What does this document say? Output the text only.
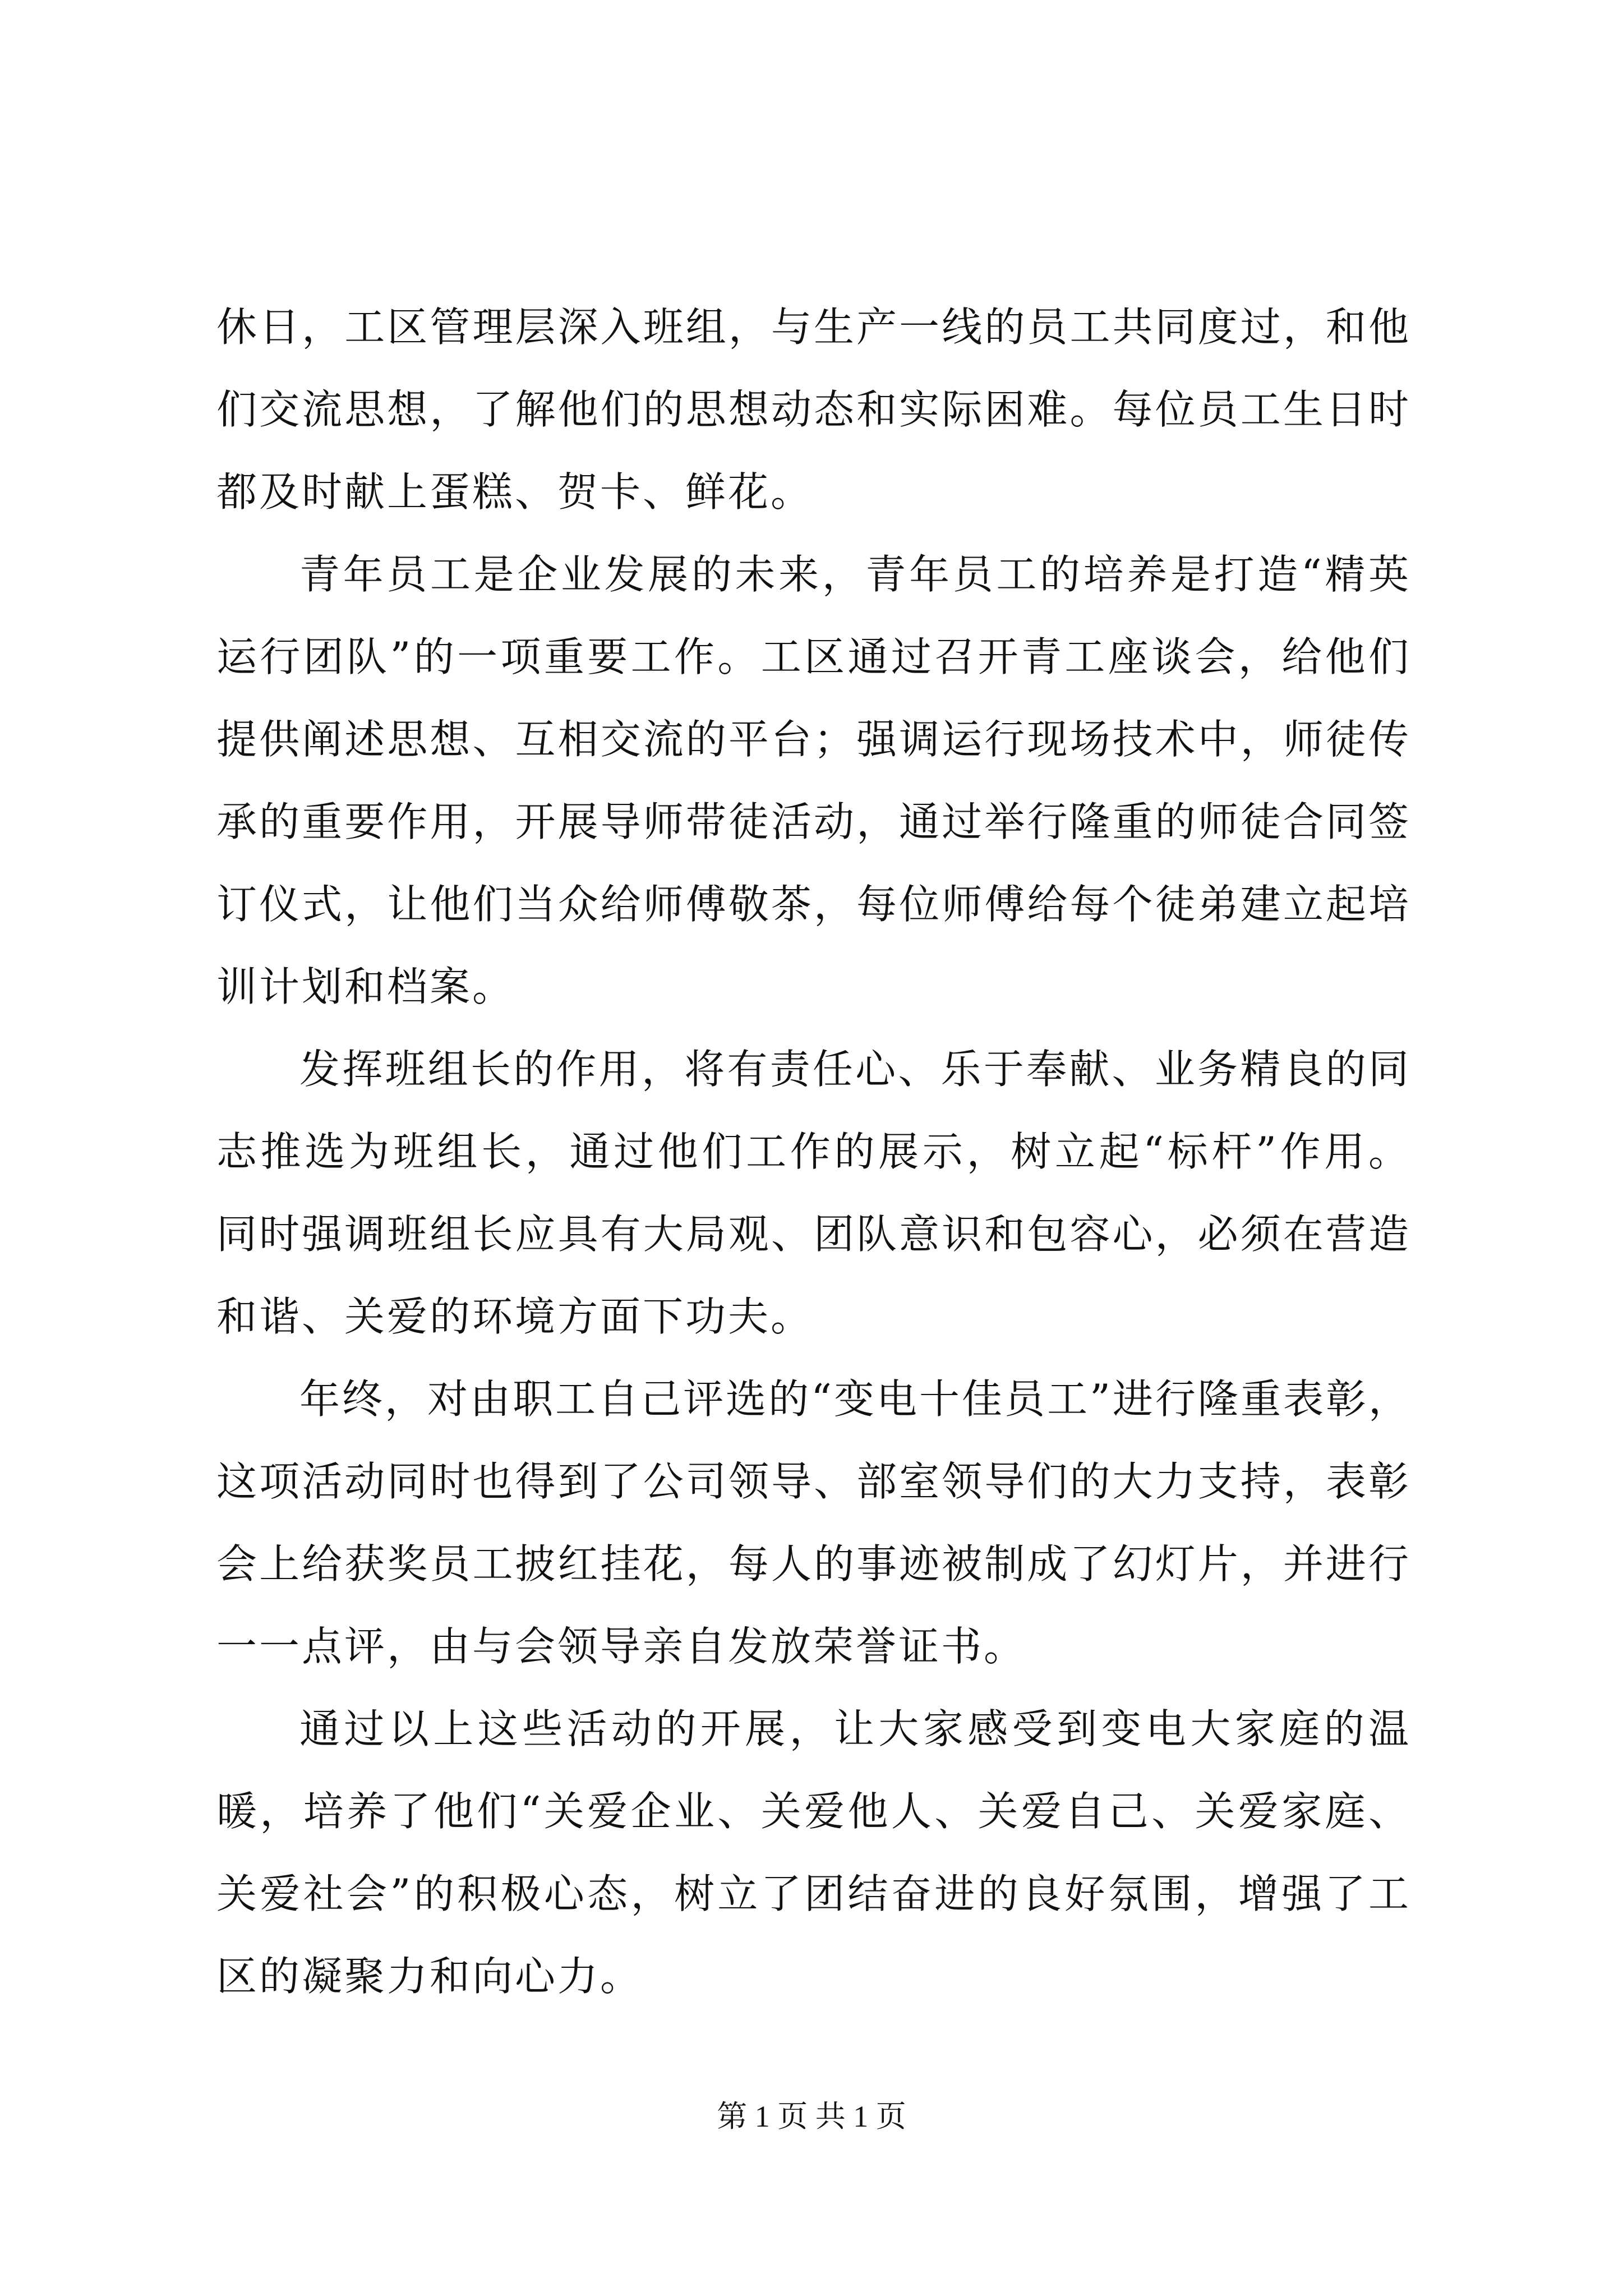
休日，工区管理层深入班组，与生产一线的员工共同度过，和他们交流思想，了解他们的思想动态和实际困难。每位员工生日时都及时献上蛋糕、贺卡、鲜花。

青年员工是企业发展的未来，青年员工的培养是打造“精英运行团队”的一项重要工作。工区通过召开青工座谈会，给他们提供阐述思想、互相交流的平台；强调运行现场技术中，师徒传承的重要作用，开展导师带徒活动，通过举行隆重的师徒合同签订仪式，让他们当众给师傅敬茶，每位师傅给每个徒弟建立起培训计划和档案。

发挥班组长的作用，将有责任心、乐于奉献、业务精良的同志推选为班组长，通过他们工作的展示，树立起“标杆”作用。同时强调班组长应具有大局观、团队意识和包容心，必须在营造和谐、关爱的环境方面下功夫。

年终，对由职工自己评选的“变电十佳员工”进行隆重表彰，这项活动同时也得到了公司领导、部室领导们的大力支持，表彰会上给获奖员工披红挂花，每人的事迹被制成了幻灯片，并进行一一点评，由与会领导亲自发放荣誉证书。

通过以上这些活动的开展，让大家感受到变电大家庭的温暖，培养了他们“关爱企业、关爱他人、关爱自己、关爱家庭、关爱社会”的积极心态，树立了团结奋进的良好氛围，增强了工区的凝聚力和向心力。

第 1 页 共 1 页
